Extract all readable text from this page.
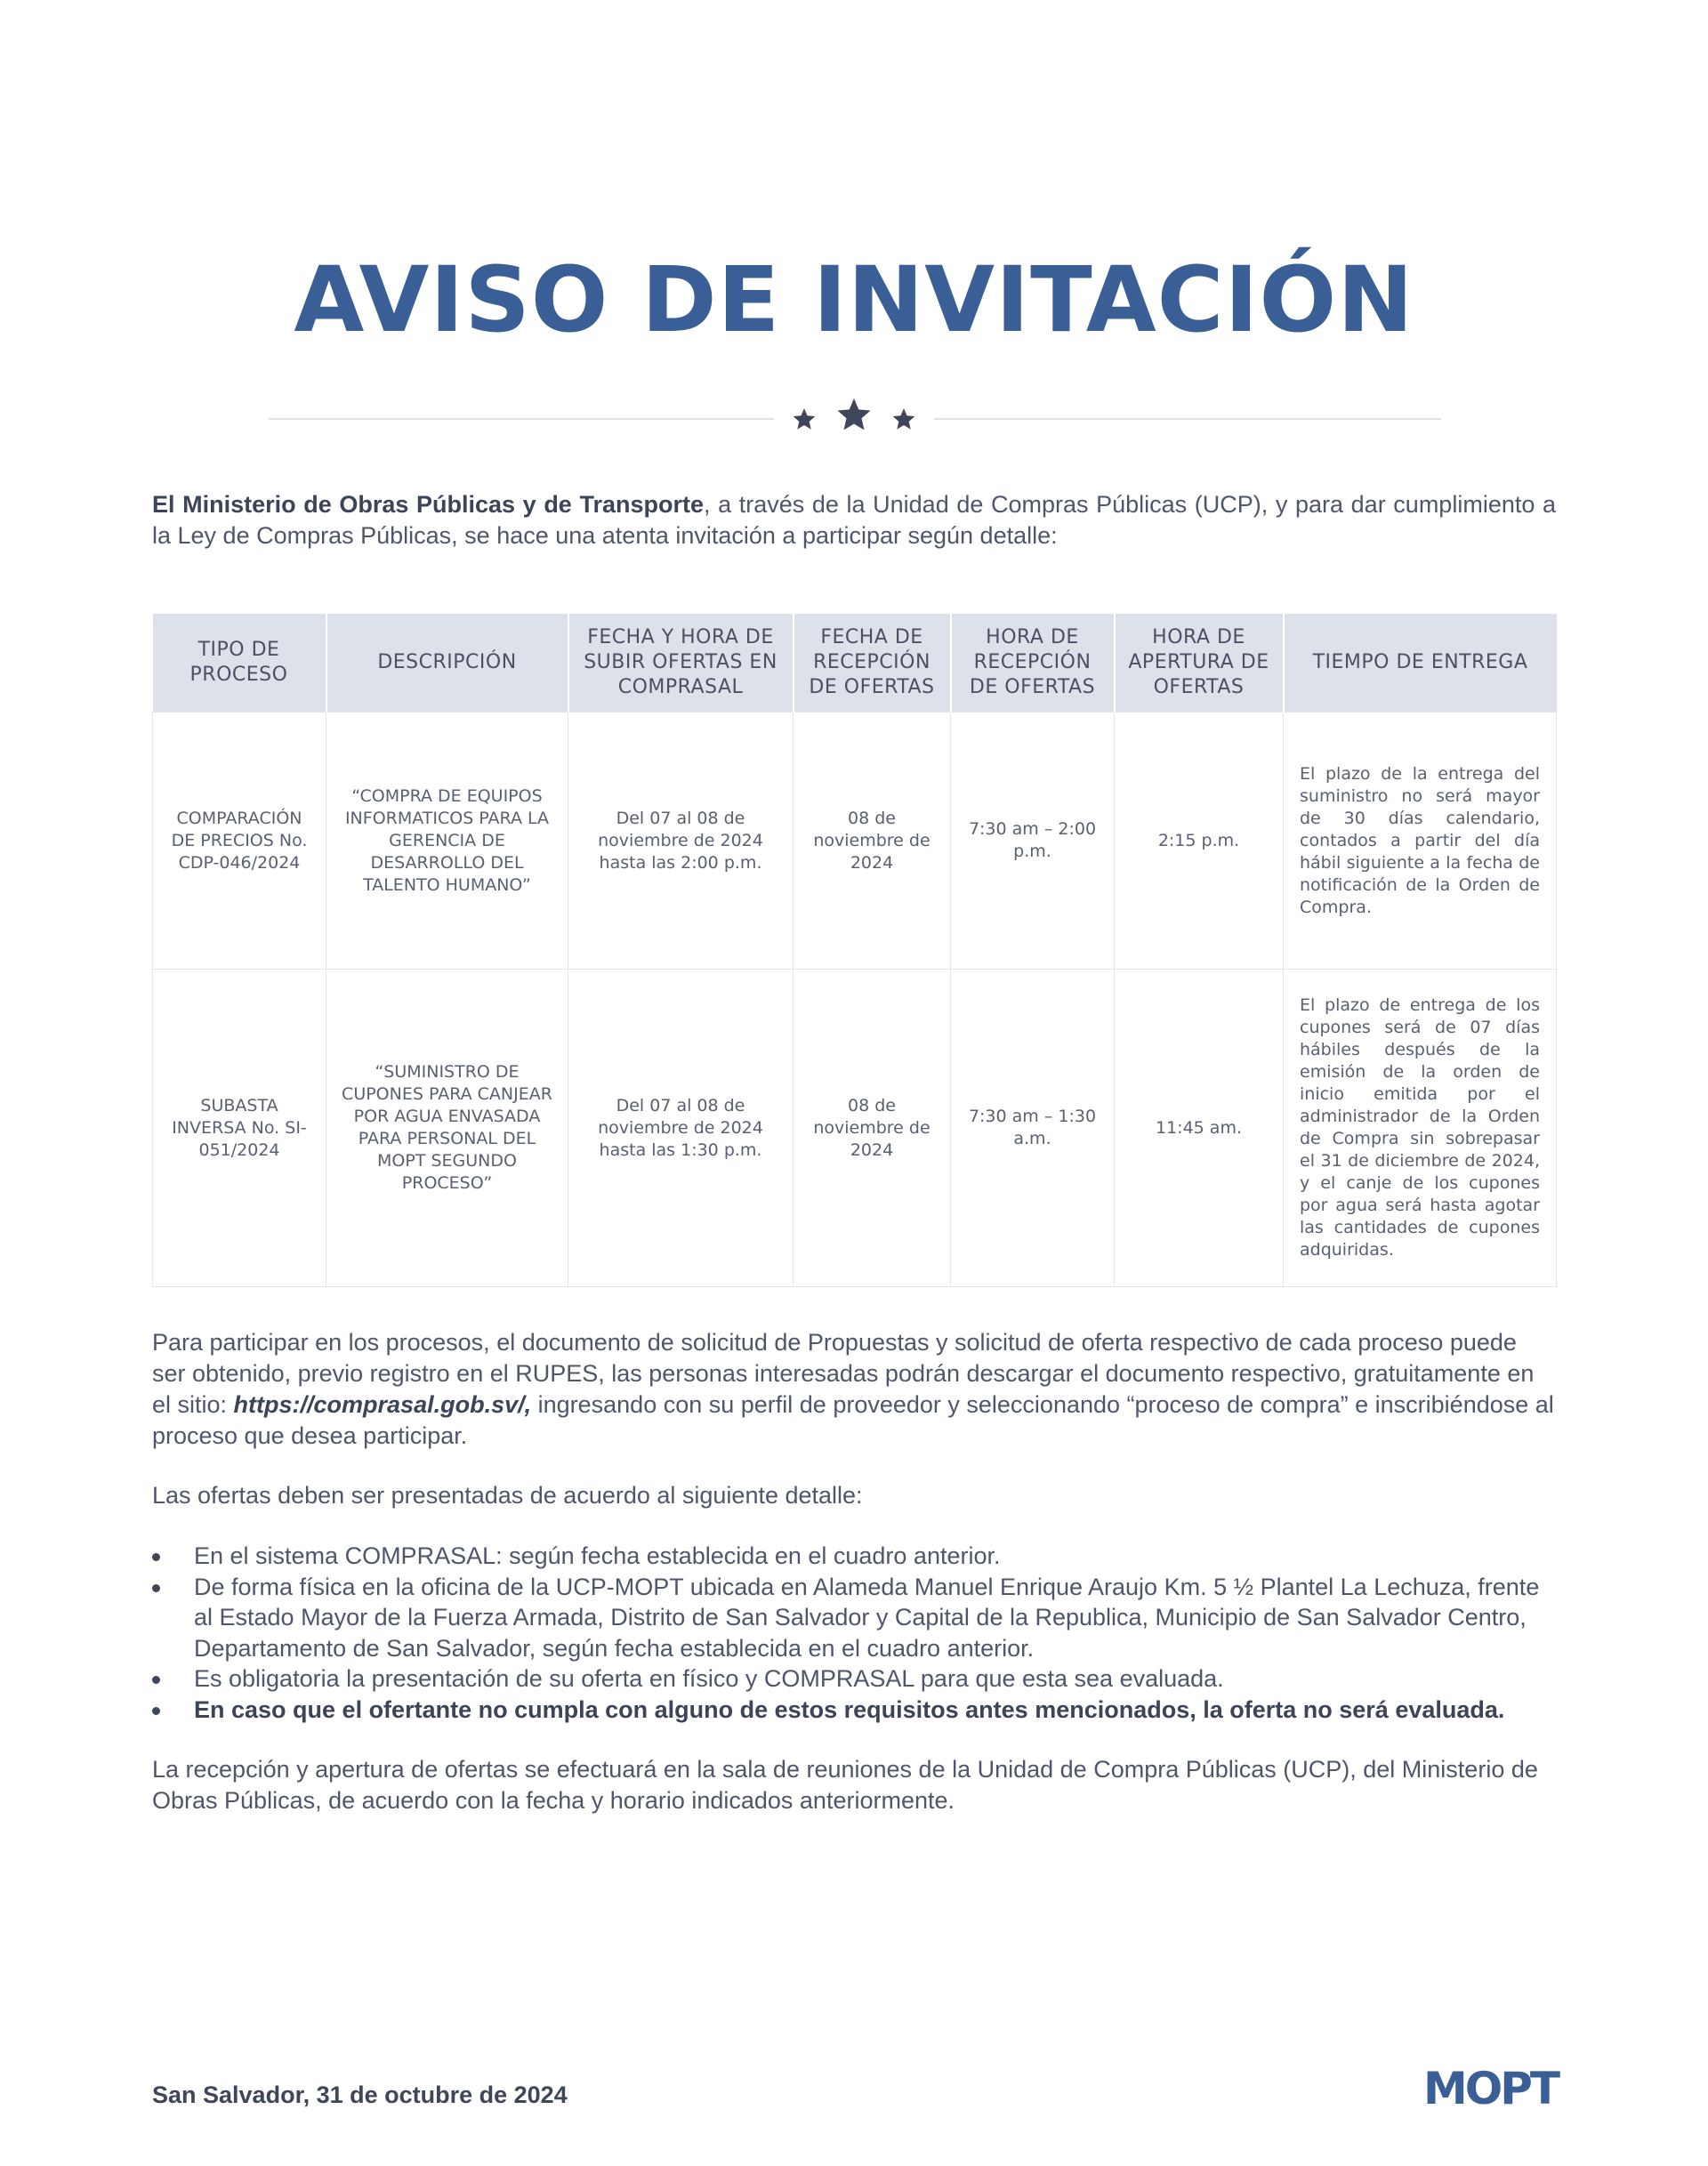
AVISO DE INVITACIÓN

El Ministerio de Obras Públicas y de Transporte, a través de la Unidad de Compras Públicas (UCP), y para dar cumplimiento a la Ley de Compras Públicas, se hace una atenta invitación a participar según detalle:

TIPO DE PROCESO	DESCRIPCIÓN	FECHA Y HORA DE SUBIR OFERTAS EN COMPRASAL	FECHA DE RECEPCIÓN DE OFERTAS	HORA DE RECEPCIÓN DE OFERTAS	HORA DE APERTURA DE OFERTAS	TIEMPO DE ENTREGA
COMPARACIÓN DE PRECIOS No. CDP-046/2024	“COMPRA DE EQUIPOS INFORMATICOS PARA LA GERENCIA DE DESARROLLO DEL TALENTO HUMANO”	Del 07 al 08 de noviembre de 2024 hasta las 2:00 p.m.	08 de noviembre de 2024	7:30 am – 2:00 p.m.	2:15 p.m.	El plazo de la entrega del suministro no será mayor de 30 días calendario, contados a partir del día hábil siguiente a la fecha de notificación de la Orden de Compra.
SUBASTA INVERSA No. SI-051/2024	“SUMINISTRO DE CUPONES PARA CANJEAR POR AGUA ENVASADA PARA PERSONAL DEL MOPT SEGUNDO PROCESO”	Del 07 al 08 de noviembre de 2024 hasta las 1:30 p.m.	08 de noviembre de 2024	7:30 am – 1:30 a.m.	11:45 am.	El plazo de entrega de los cupones será de 07 días hábiles después de la emisión de la orden de inicio emitida por el administrador de la Orden de Compra sin sobrepasar el 31 de diciembre de 2024, y el canje de los cupones por agua será hasta agotar las cantidades de cupones adquiridas.

Para participar en los procesos, el documento de solicitud de Propuestas y solicitud de oferta respectivo de cada proceso puede ser obtenido, previo registro en el RUPES, las personas interesadas podrán descargar el documento respectivo, gratuitamente en el sitio: https://comprasal.gob.sv/, ingresando con su perfil de proveedor y seleccionando “proceso de compra” e inscribiéndose al proceso que desea participar.

Las ofertas deben ser presentadas de acuerdo al siguiente detalle:

En el sistema COMPRASAL: según fecha establecida en el cuadro anterior.
De forma física en la oficina de la UCP-MOPT ubicada en Alameda Manuel Enrique Araujo Km. 5 ½ Plantel La Lechuza, frente al Estado Mayor de la Fuerza Armada, Distrito de San Salvador y Capital de la Republica, Municipio de San Salvador Centro, Departamento de San Salvador, según fecha establecida en el cuadro anterior.
Es obligatoria la presentación de su oferta en físico y COMPRASAL para que esta sea evaluada.
En caso que el ofertante no cumpla con alguno de estos requisitos antes mencionados, la oferta no será evaluada.

La recepción y apertura de ofertas se efectuará en la sala de reuniones de la Unidad de Compra Públicas (UCP), del Ministerio de Obras Públicas, de acuerdo con la fecha y horario indicados anteriormente.

San Salvador, 31 de octubre de 2024	MOPT
